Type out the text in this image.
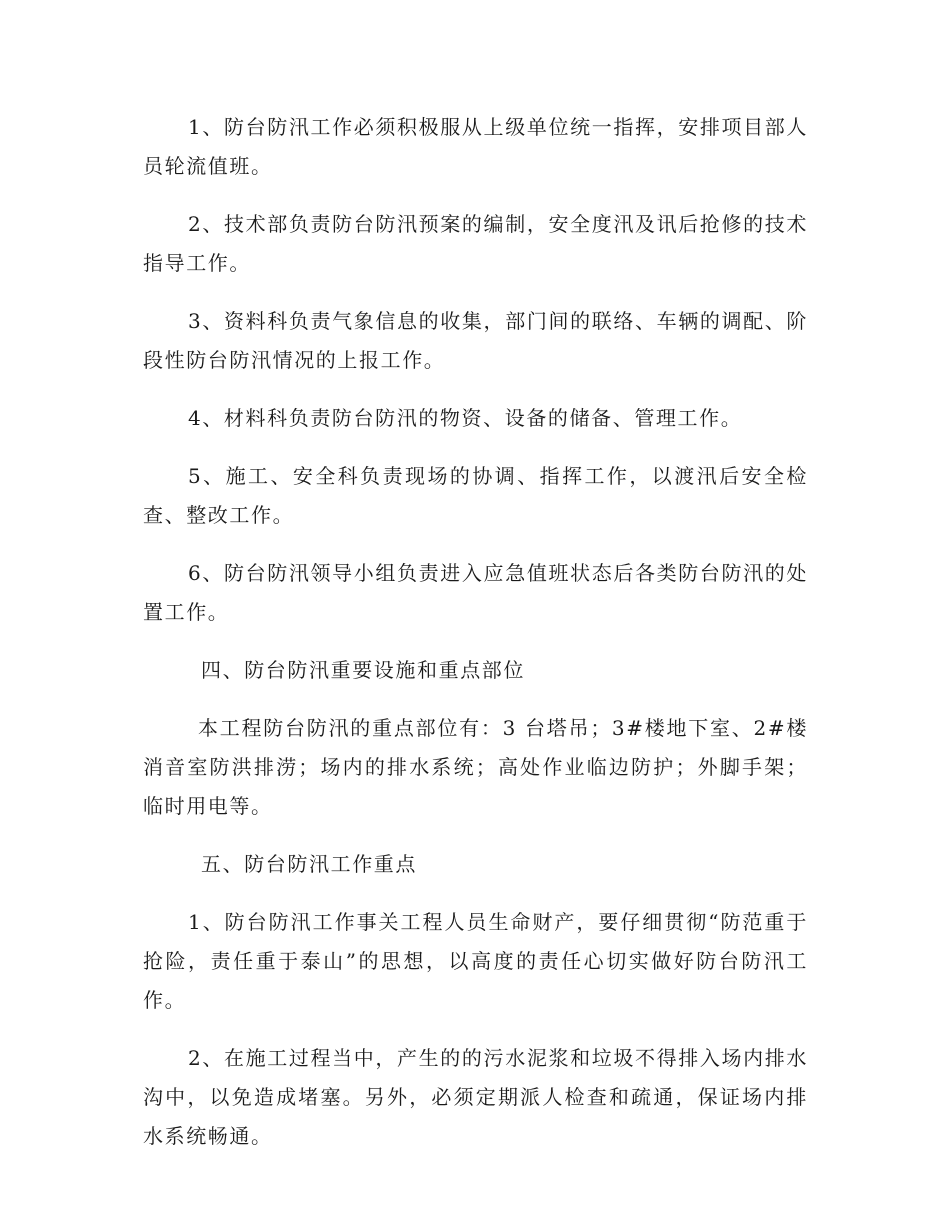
1、防台防汛工作必须积极服从上级单位统一指挥，安排项目部人员轮流值班。

2、技术部负责防台防汛预案的编制，安全度汛及讯后抢修的技术指导工作。

3、资料科负责气象信息的收集，部门间的联络、车辆的调配、阶段性防台防汛情况的上报工作。

4、材料科负责防台防汛的物资、设备的储备、管理工作。

5、施工、安全科负责现场的协调、指挥工作，以渡汛后安全检查、整改工作。

6、防台防汛领导小组负责进入应急值班状态后各类防台防汛的处置工作。

四、防台防汛重要设施和重点部位

本工程防台防汛的重点部位有：3 台塔吊；3#楼地下室、2#楼消音室防洪排涝；场内的排水系统；高处作业临边防护；外脚手架；临时用电等。

五、防台防汛工作重点

1、防台防汛工作事关工程人员生命财产，要仔细贯彻“防范重于抢险，责任重于泰山”的思想，以高度的责任心切实做好防台防汛工作。

2、在施工过程当中，产生的的污水泥浆和垃圾不得排入场内排水沟中，以免造成堵塞。另外，必须定期派人检查和疏通，保证场内排水系统畅通。
